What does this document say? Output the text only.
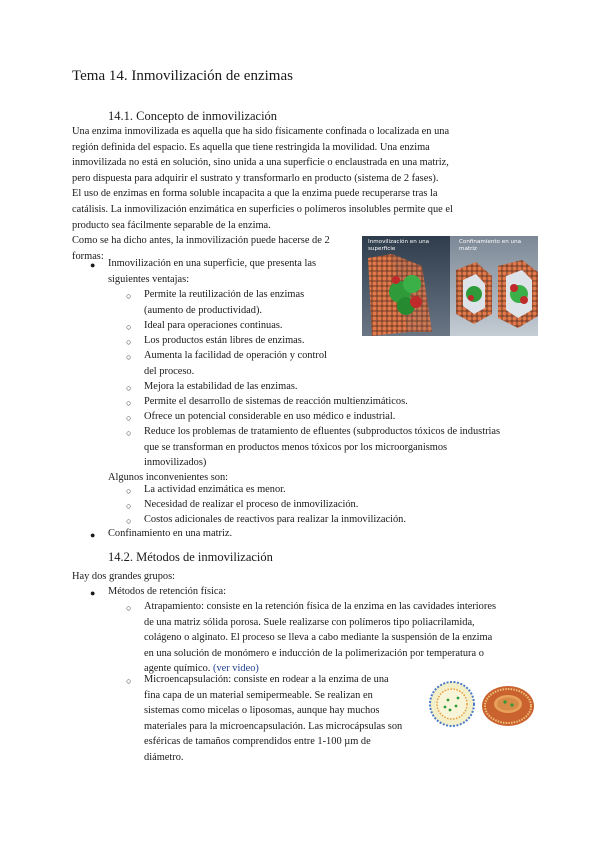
Tema 14. Inmovilización de enzimas
14.1. Concepto de inmovilización
Una enzima inmovilizada es aquella que ha sido físicamente confinada o localizada en una
región definida del espacio. Es aquella que tiene restringida la movilidad. Una enzima
inmovilizada no está en solución, sino unida a una superficie o enclaustrada en una matriz,
pero dispuesta para adquirir el sustrato y transformarlo en producto (sistema de 2 fases).
El uso de enzimas en forma soluble incapacita a que la enzima puede recuperarse tras la
catálisis. La inmovilización enzimática en superficies o polímeros insolubles permite que el
producto sea fácilmente separable de la enzima.
Como se ha dicho antes, la inmovilización puede hacerse de 2
formas:
● Inmovilización en una superficie, que presenta las
siguientes ventajas:
○ Permite la reutilización de las enzimas
(aumento de productividad).
○ Ideal para operaciones continuas.
○ Los productos están libres de enzimas.
○ Aumenta la facilidad de operación y control
del proceso.
○ Mejora la estabilidad de las enzimas.
○ Permite el desarrollo de sistemas de reacción multienzimáticos.
○ Ofrece un potencial considerable en uso médico e industrial.
○ Reduce los problemas de tratamiento de efluentes (subproductos tóxicos de industrias
que se transforman en productos menos tóxicos por los microorganismos
inmovilizados)
Algunos inconvenientes son:
○ La actividad enzimática es menor.
○ Necesidad de realizar el proceso de inmovilización.
○ Costos adicionales de reactivos para realizar la inmovilización.
● Confinamiento en una matriz.
Inmovilización en una superficie
Confinamiento en una matriz
14.2. Métodos de inmovilización
Hay dos grandes grupos:
● Métodos de retención física:
○ Atrapamiento: consiste en la retención física de la enzima en las cavidades interiores
de una matriz sólida porosa. Suele realizarse con polímeros tipo poliacrilamida,
colágeno o alginato. El proceso se lleva a cabo mediante la suspensión de la enzima
en una solución de monómero e inducción de la polimerización por temperatura o
agente químico. (ver video)
○ Microencapsulación: consiste en rodear a la enzima de una
fina capa de un material semipermeable. Se realizan en
sistemas como micelas o liposomas, aunque hay muchos
materiales para la microencapsulación. Las microcápsulas son
esféricas de tamaños comprendidos entre 1-100 µm de
diámetro.
